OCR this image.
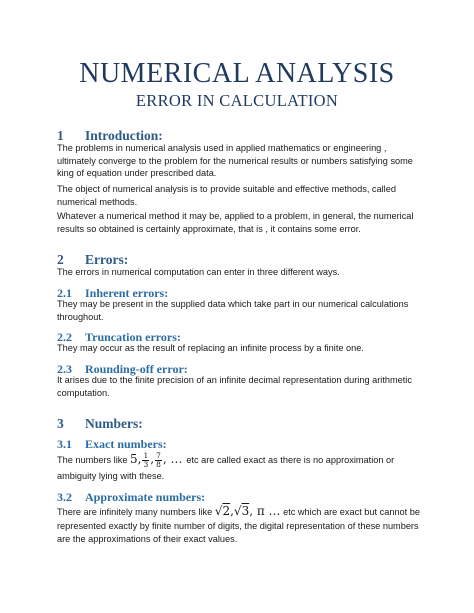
NUMERICAL ANALYSIS
ERROR IN CALCULATION
1 Introduction:

The problems in numerical analysis used in applied mathematics or engineering , ultimately converge to the problem for the numerical results or numbers satisfying some king of equation under prescribed data.

The object of numerical analysis is to provide suitable and effective methods, called numerical methods.

Whatever a numerical method it may be, applied to a problem, in general, the numerical results so obtained is certainly approximate, that is , it contains some error.

2 Errors:

The errors in numerical computation can enter in three different ways.

2.1 Inherent errors:

They may be present in the supplied data which take part in our numerical calculations throughout.

2.2 Truncation errors:

They may occur as the result of replacing an infinite process by a finite one.

2.3 Rounding-off error:

It arises due to the finite precision of an infinite decimal representation during arithmetic computation.

3 Numbers:
3.1 Exact numbers:

The numbers like 5, $\frac{1}{3}$ , $\frac{7}{8}$ , … etc are called exact as there is no approximation or ambiguity lying with these.

3.2 Approximate numbers:

There are infinitely many numbers like √2,√3, π … etc which are exact but cannot be represented exactly by finite number of digits, the digital representation of these numbers are the approximations of their exact values.
